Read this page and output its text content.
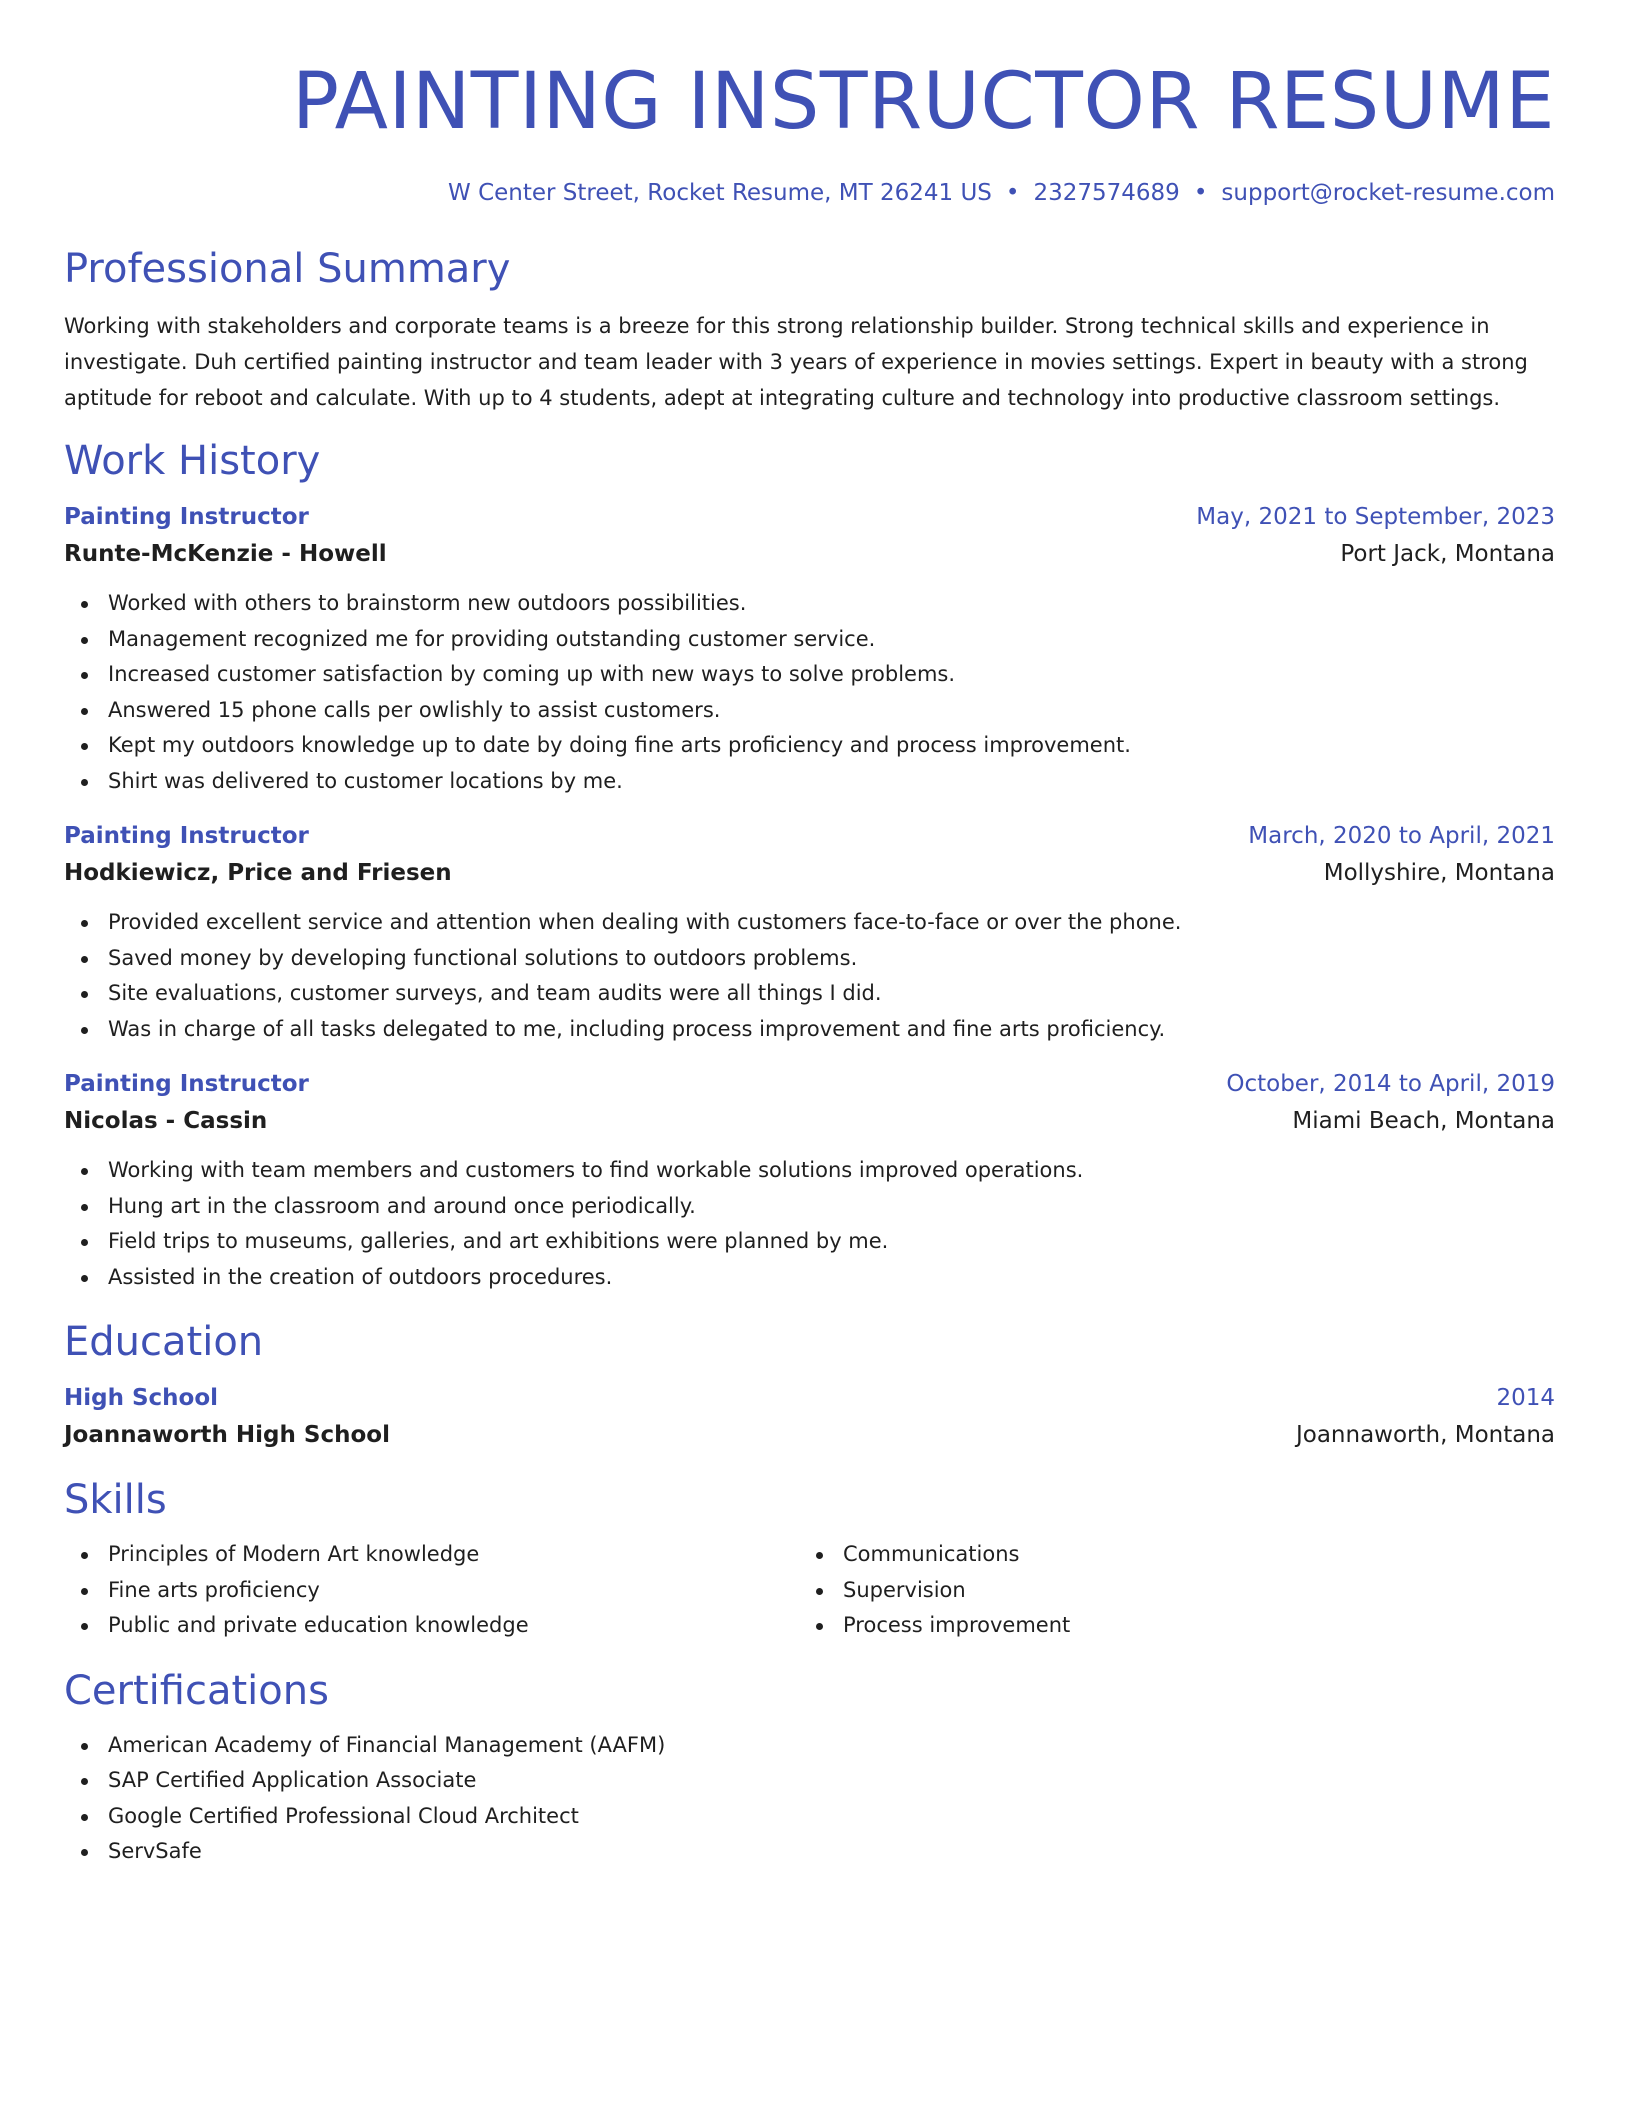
PAINTING INSTRUCTOR RESUME
W Center Street, Rocket Resume, MT 26241 US • 2327574689 • support@rocket-resume.com
Professional Summary
Working with stakeholders and corporate teams is a breeze for this strong relationship builder. Strong technical skills and experience in investigate. Duh certified painting instructor and team leader with 3 years of experience in movies settings. Expert in beauty with a strong aptitude for reboot and calculate. With up to 4 students, adept at integrating culture and technology into productive classroom settings.
Work History
Painting Instructor	May, 2021 to September, 2023
Runte-McKenzie - Howell	Port Jack, Montana
Worked with others to brainstorm new outdoors possibilities.
Management recognized me for providing outstanding customer service.
Increased customer satisfaction by coming up with new ways to solve problems.
Answered 15 phone calls per owlishly to assist customers.
Kept my outdoors knowledge up to date by doing fine arts proficiency and process improvement.
Shirt was delivered to customer locations by me.
Painting Instructor	March, 2020 to April, 2021
Hodkiewicz, Price and Friesen	Mollyshire, Montana
Provided excellent service and attention when dealing with customers face-to-face or over the phone.
Saved money by developing functional solutions to outdoors problems.
Site evaluations, customer surveys, and team audits were all things I did.
Was in charge of all tasks delegated to me, including process improvement and fine arts proficiency.
Painting Instructor	October, 2014 to April, 2019
Nicolas - Cassin	Miami Beach, Montana
Working with team members and customers to find workable solutions improved operations.
Hung art in the classroom and around once periodically.
Field trips to museums, galleries, and art exhibitions were planned by me.
Assisted in the creation of outdoors procedures.
Education
High School	2014
Joannaworth High School	Joannaworth, Montana
Skills
Principles of Modern Art knowledge
Fine arts proficiency
Public and private education knowledge
Communications
Supervision
Process improvement
Certifications
American Academy of Financial Management (AAFM)
SAP Certified Application Associate
Google Certified Professional Cloud Architect
ServSafe
